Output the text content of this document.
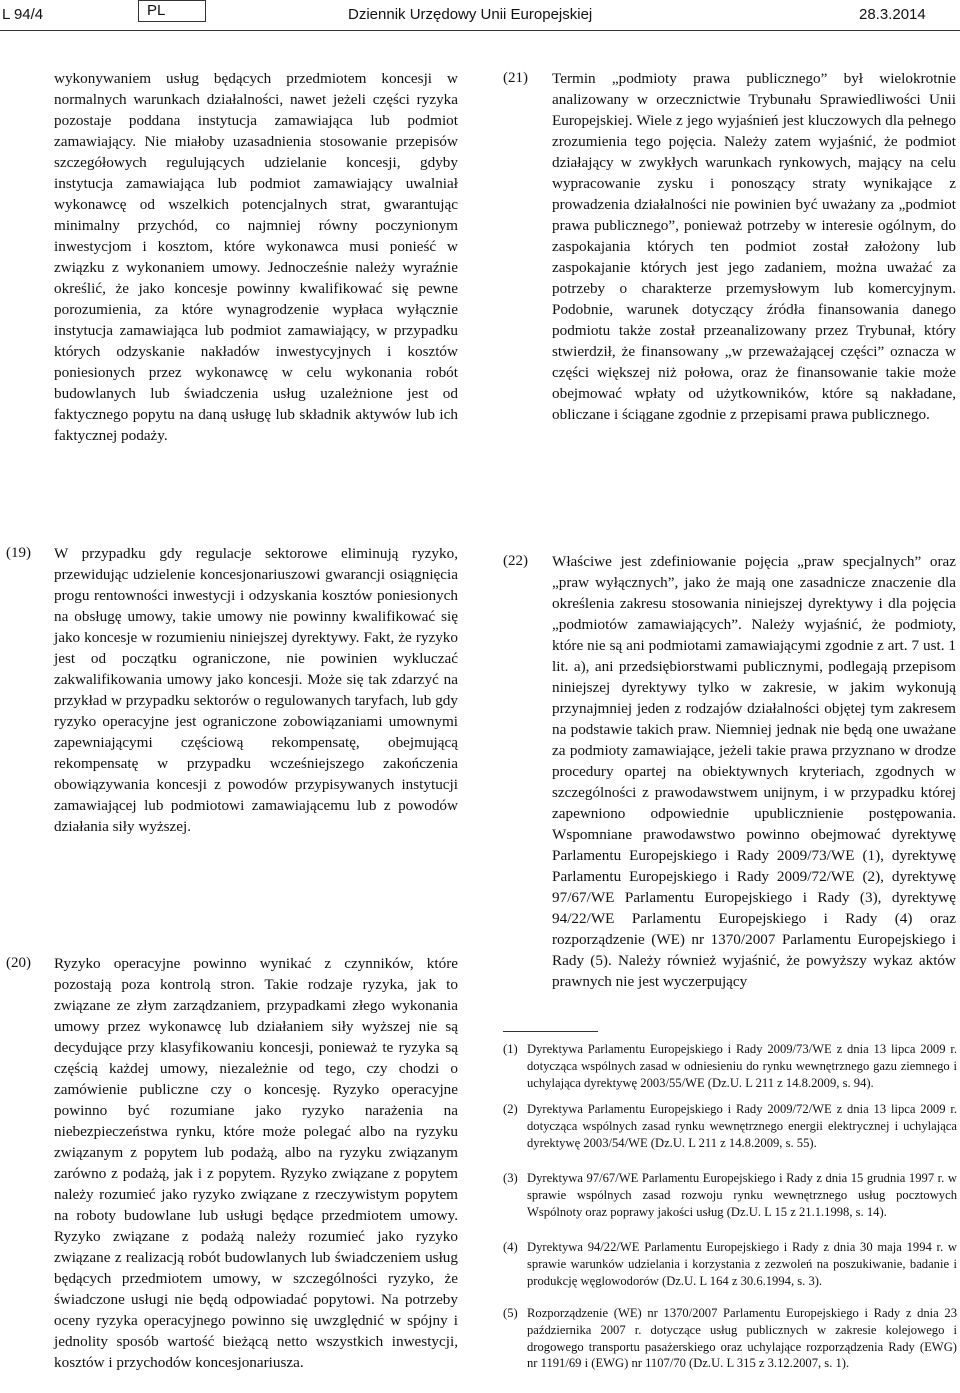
L 94/4	PL	Dziennik Urzędowy Unii Europejskiej	28.3.2014
wykonywaniem usług będących przedmiotem koncesji w normalnych warunkach działalności, nawet jeżeli części ryzyka pozostaje poddana instytucja zamawiająca lub podmiot zamawiający. Nie miałoby uzasadnienia stosowanie przepisów szczegółowych regulujących udzielanie koncesji, gdyby instytucja zamawiająca lub podmiot zamawiający uwalniał wykonawcę od wszelkich potencjalnych strat, gwarantując minimalny przychód, co najmniej równy poczynionym inwestycjom i kosztom, które wykonawca musi ponieść w związku z wykonaniem umowy. Jednocześnie należy wyraźnie określić, że jako koncesje powinny kwalifikować się pewne porozumienia, za które wynagrodzenie wypłaca wyłącznie instytucja zamawiająca lub podmiot zamawiający, w przypadku których odzyskanie nakładów inwestycyjnych i kosztów poniesionych przez wykonawcę w celu wykonania robót budowlanych lub świadczenia usług uzależnione jest od faktycznego popytu na daną usługę lub składnik aktywów lub ich faktycznej podaży.
(21) Termin „podmioty prawa publicznego” był wielokrotnie analizowany w orzecznictwie Trybunału Sprawiedliwości Unii Europejskiej. Wiele z jego wyjaśnień jest kluczowych dla pełnego zrozumienia tego pojęcia. Należy zatem wyjaśnić, że podmiot działający w zwykłych warunkach rynkowych, mający na celu wypracowanie zysku i ponoszący straty wynikające z prowadzenia działalności nie powinien być uważany za „podmiot prawa publicznego”, ponieważ potrzeby w interesie ogólnym, do zaspokajania których ten podmiot został założony lub zaspokajanie których jest jego zadaniem, można uważać za potrzeby o charakterze przemysłowym lub komercyjnym. Podobnie, warunek dotyczący źródła finansowania danego podmiotu także został przeanalizowany przez Trybunał, który stwierdził, że finansowany „w przeważającej części” oznacza w części większej niż połowa, oraz że finansowanie takie może obejmować wpłaty od użytkowników, które są nakładane, obliczane i ściągane zgodnie z przepisami prawa publicznego.
(19) W przypadku gdy regulacje sektorowe eliminują ryzyko, przewidując udzielenie koncesjonariuszowi gwarancji osiągnięcia progu rentowności inwestycji i odzyskania kosztów poniesionych na obsługę umowy, takie umowy nie powinny kwalifikować się jako koncesje w rozumieniu niniejszej dyrektywy. Fakt, że ryzyko jest od początku ograniczone, nie powinien wykluczać zakwalifikowania umowy jako koncesji. Może się tak zdarzyć na przykład w przypadku sektorów o regulowanych taryfach, lub gdy ryzyko operacyjne jest ograniczone zobowiązaniami umownymi zapewniającymi częściową rekompensatę, obejmującą rekompensatę w przypadku wcześniejszego zakończenia obowiązywania koncesji z powodów przypisywanych instytucji zamawiającej lub podmiotowi zamawiającemu lub z powodów działania siły wyższej.
(20) Ryzyko operacyjne powinno wynikać z czynników, które pozostają poza kontrolą stron. Takie rodzaje ryzyka, jak to związane ze złym zarządzaniem, przypadkami złego wykonania umowy przez wykonawcę lub działaniem siły wyższej nie są decydujące przy klasyfikowaniu koncesji, ponieważ te ryzyka są częścią każdej umowy, niezależnie od tego, czy chodzi o zamówienie publiczne czy o koncesję. Ryzyko operacyjne powinno być rozumiane jako ryzyko narażenia na niebezpieczeństwa rynku, które może polegać albo na ryzyku związanym z popytem lub podażą, albo na ryzyku związanym zarówno z podażą, jak i z popytem. Ryzyko związane z popytem należy rozumieć jako ryzyko związane z rzeczywistym popytem na roboty budowlane lub usługi będące przedmiotem umowy. Ryzyko związane z podażą należy rozumieć jako ryzyko związane z realizacją robót budowlanych lub świadczeniem usług będących przedmiotem umowy, w szczególności ryzyko, że świadczone usługi nie będą odpowiadać popytowi. Na potrzeby oceny ryzyka operacyjnego powinno się uwzględnić w spójny i jednolity sposób wartość bieżącą netto wszystkich inwestycji, kosztów i przychodów koncesjonariusza.
(22) Właściwe jest zdefiniowanie pojęcia „praw specjalnych” oraz „praw wyłącznych”, jako że mają one zasadnicze znaczenie dla określenia zakresu stosowania niniejszej dyrektywy i dla pojęcia „podmiotów zamawiających”. Należy wyjaśnić, że podmioty, które nie są ani podmiotami zamawiającymi zgodnie z art. 7 ust. 1 lit. a), ani przedsiębiorstwami publicznymi, podlegają przepisom niniejszej dyrektywy tylko w zakresie, w jakim wykonują przynajmniej jeden z rodzajów działalności objętej tym zakresem na podstawie takich praw. Niemniej jednak nie będą one uważane za podmioty zamawiające, jeżeli takie prawa przyznano w drodze procedury opartej na obiektywnych kryteriach, zgodnych w szczególności z prawodawstwem unijnym, i w przypadku której zapewniono odpowiednie upublicznienie postępowania. Wspomniane prawodawstwo powinno obejmować dyrektywę Parlamentu Europejskiego i Rady 2009/73/WE (1), dyrektywę Parlamentu Europejskiego i Rady 2009/72/WE (2), dyrektywę 97/67/WE Parlamentu Europejskiego i Rady (3), dyrektywę 94/22/WE Parlamentu Europejskiego i Rady (4) oraz rozporządzenie (WE) nr 1370/2007 Parlamentu Europejskiego i Rady (5). Należy również wyjaśnić, że powyższy wykaz aktów prawnych nie jest wyczerpujący
(1) Dyrektywa Parlamentu Europejskiego i Rady 2009/73/WE z dnia 13 lipca 2009 r. dotycząca wspólnych zasad w odniesieniu do rynku wewnętrznego gazu ziemnego i uchylająca dyrektywę 2003/55/WE (Dz.U. L 211 z 14.8.2009, s. 94).
(2) Dyrektywa Parlamentu Europejskiego i Rady 2009/72/WE z dnia 13 lipca 2009 r. dotycząca wspólnych zasad rynku wewnętrznego energii elektrycznej i uchylająca dyrektywę 2003/54/WE (Dz.U. L 211 z 14.8.2009, s. 55).
(3) Dyrektywa 97/67/WE Parlamentu Europejskiego i Rady z dnia 15 grudnia 1997 r. w sprawie wspólnych zasad rozwoju rynku wewnętrznego usług pocztowych Wspólnoty oraz poprawy jakości usług (Dz.U. L 15 z 21.1.1998, s. 14).
(4) Dyrektywa 94/22/WE Parlamentu Europejskiego i Rady z dnia 30 maja 1994 r. w sprawie warunków udzielania i korzystania z zezwoleń na poszukiwanie, badanie i produkcję węglowodorów (Dz.U. L 164 z 30.6.1994, s. 3).
(5) Rozporządzenie (WE) nr 1370/2007 Parlamentu Europejskiego i Rady z dnia 23 października 2007 r. dotyczące usług publicznych w zakresie kolejowego i drogowego transportu pasażerskiego oraz uchylające rozporządzenia Rady (EWG) nr 1191/69 i (EWG) nr 1107/70 (Dz.U. L 315 z 3.12.2007, s. 1).
